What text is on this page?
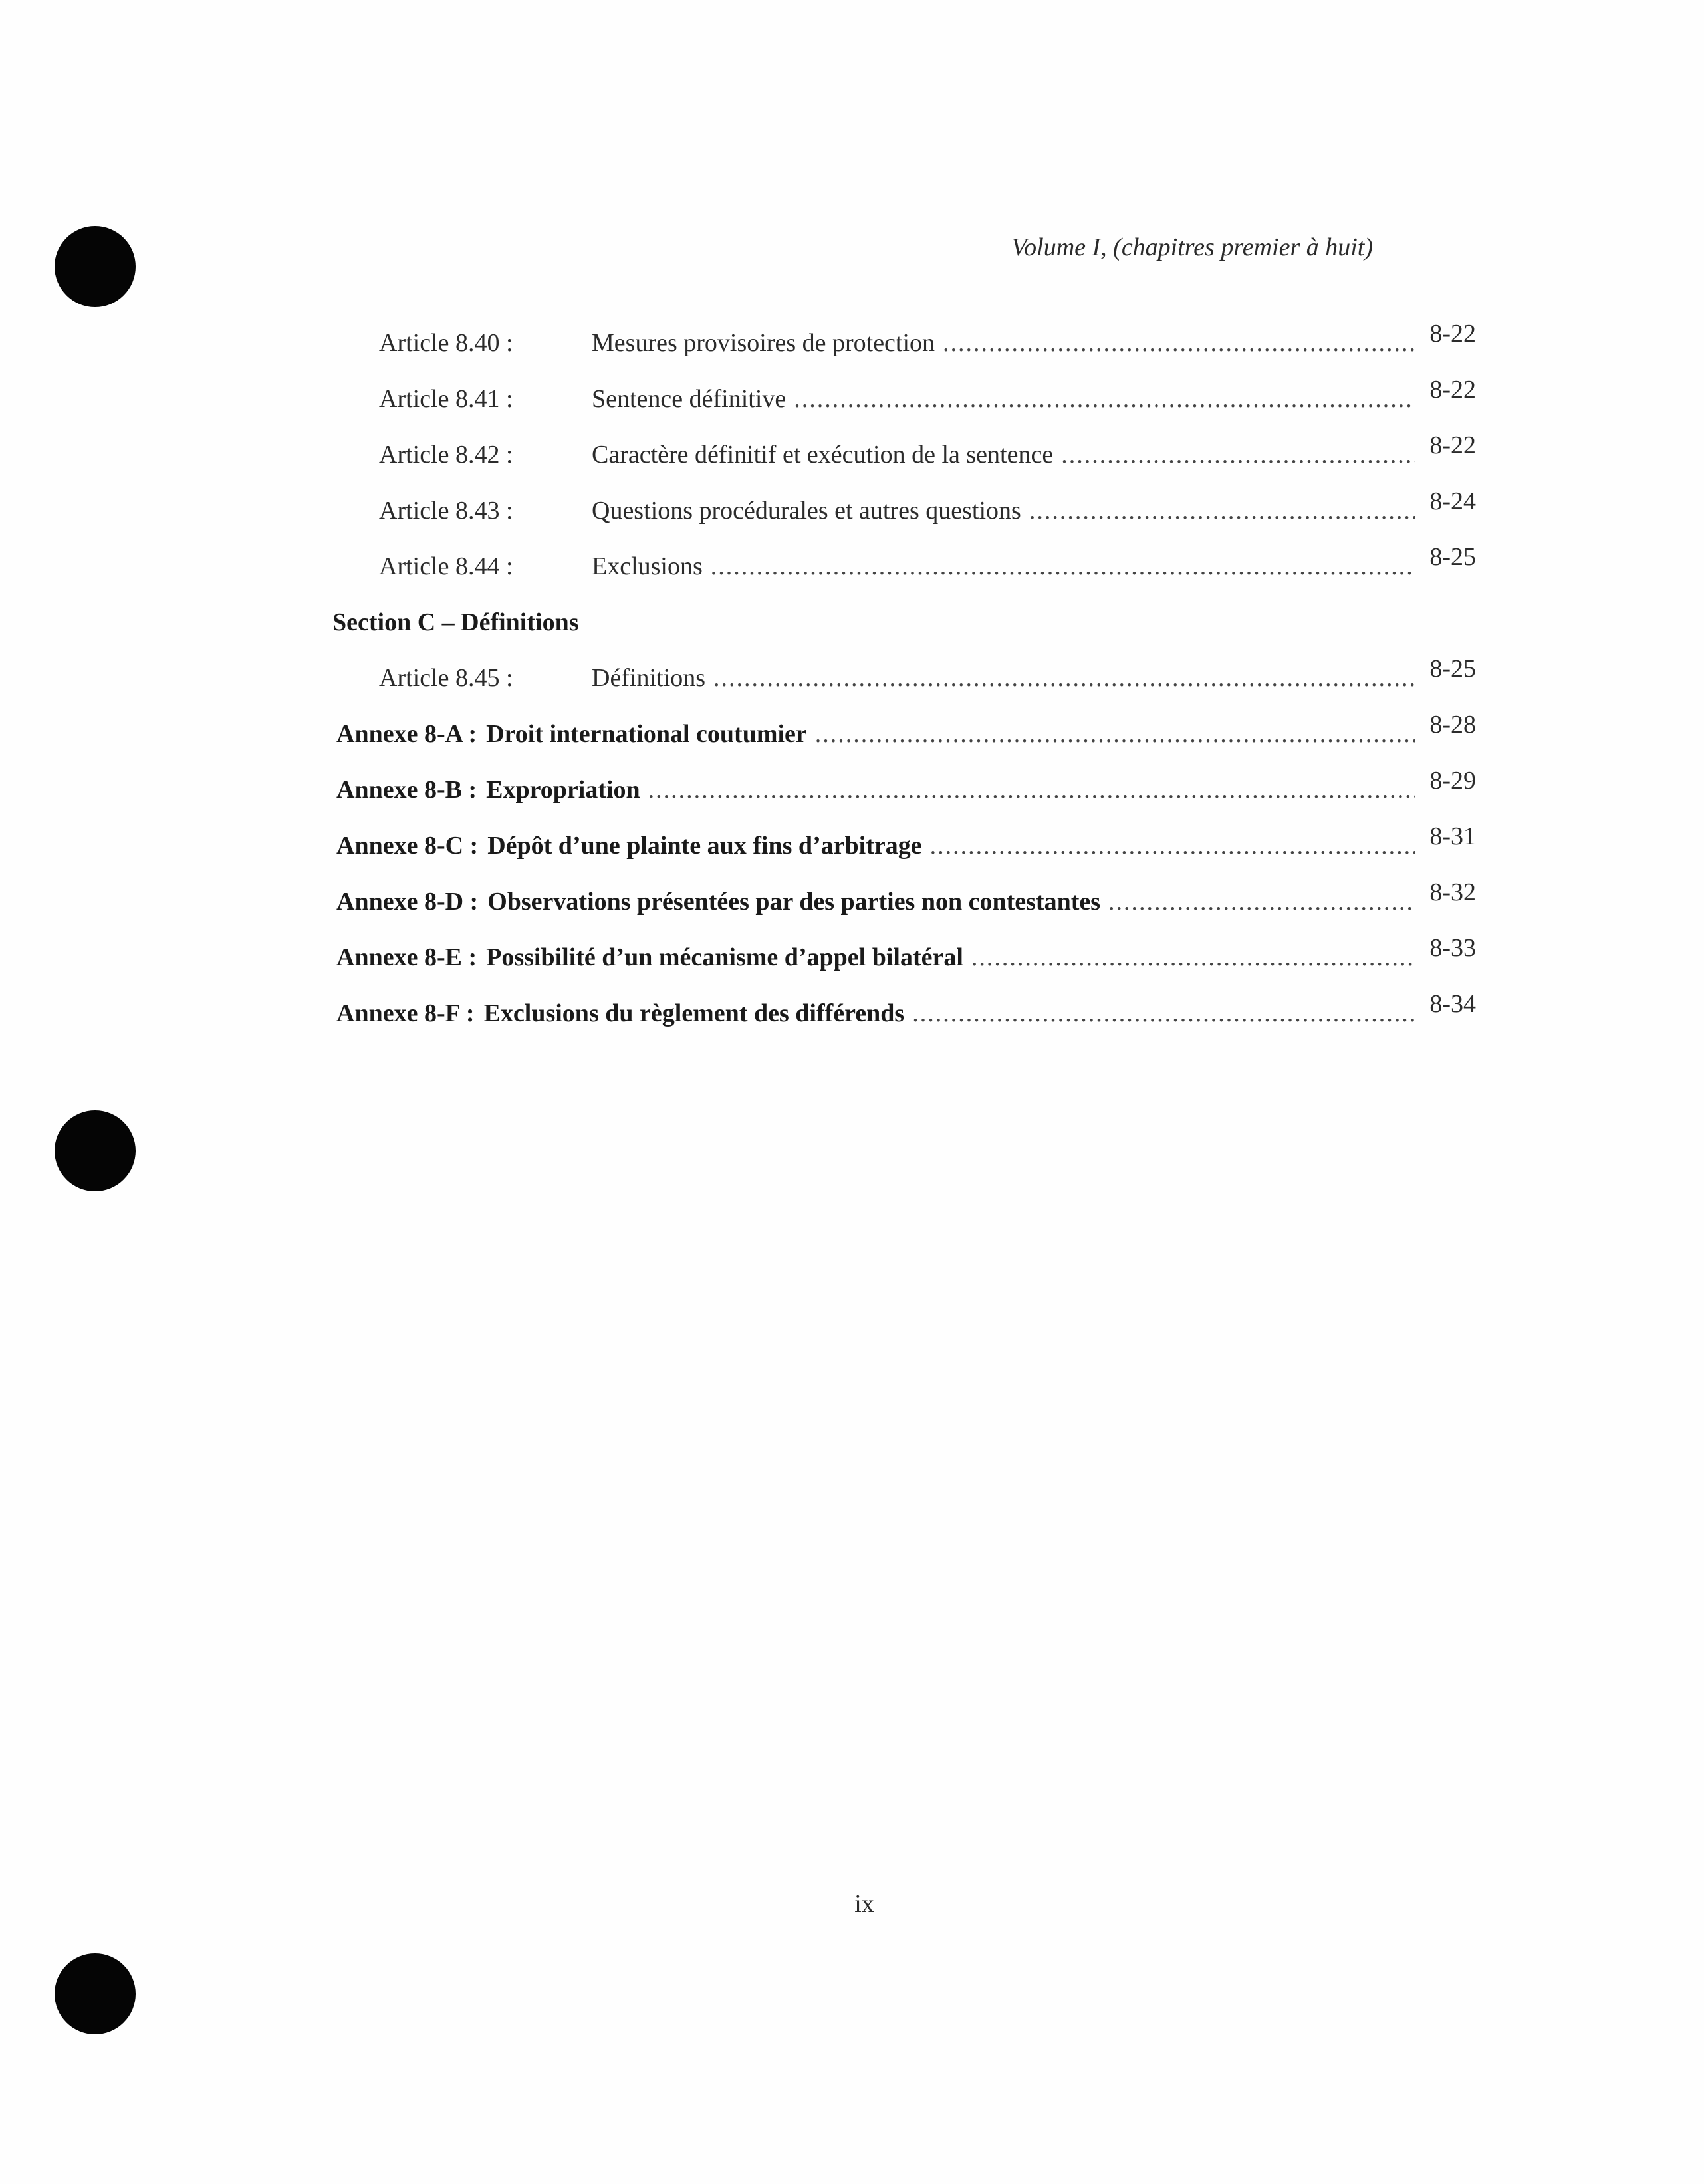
Volume I, (chapitres premier à huit)
Article 8.40 :	Mesures provisoires de protection .....	8-22
Article 8.41 :	Sentence définitive .....	8-22
Article 8.42 :	Caractère définitif et exécution de la sentence .....	8-22
Article 8.43 :	Questions procédurales et autres questions .....	8-24
Article 8.44 :	Exclusions .....	8-25
Section C – Définitions
Article 8.45 :	Définitions .....	8-25
Annexe 8-A : Droit international coutumier .....	8-28
Annexe 8-B : Expropriation .....	8-29
Annexe 8-C : Dépôt d’une plainte aux fins d’arbitrage .....	8-31
Annexe 8-D : Observations présentées par des parties non contestantes .....	8-32
Annexe 8-E : Possibilité d’un mécanisme d’appel bilatéral .....	8-33
Annexe 8-F : Exclusions du règlement des différends .....	8-34
ix
